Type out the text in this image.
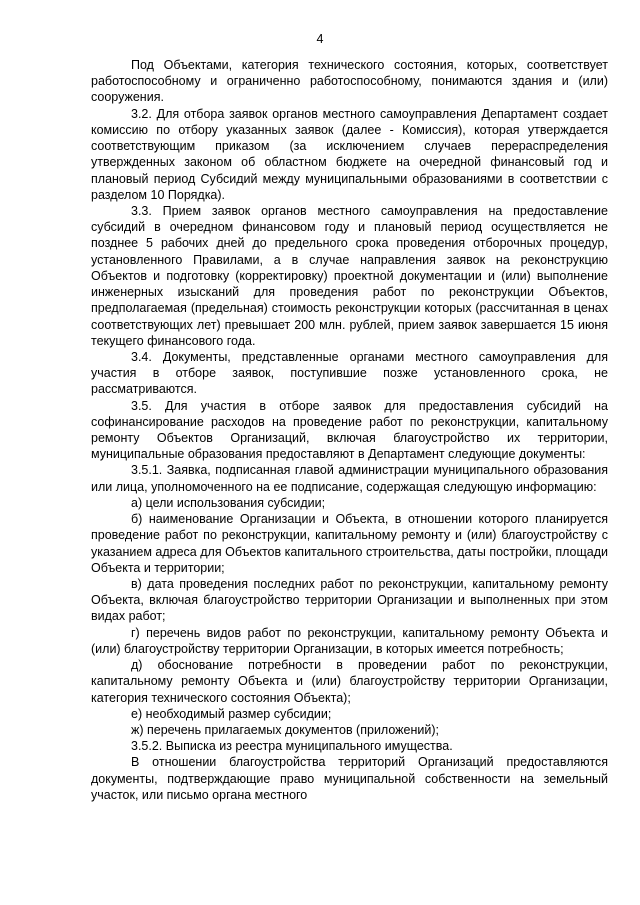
4

Под Объектами, категория технического состояния, которых, соответствует работоспособному и ограниченно работоспособному, понимаются здания и (или) сооружения.

3.2. Для отбора заявок органов местного самоуправления Департамент создает комиссию по отбору указанных заявок (далее - Комиссия), которая утверждается соответствующим приказом (за исключением случаев перераспределения утвержденных законом об областном бюджете на очередной финансовый год и плановый период Субсидий между муниципальными образованиями в соответствии с разделом 10 Порядка).

3.3. Прием заявок органов местного самоуправления на предоставление субсидий в очередном финансовом году и плановый период осуществляется не позднее 5 рабочих дней до предельного срока проведения отборочных процедур, установленного Правилами, а в случае направления заявок на реконструкцию Объектов и подготовку (корректировку) проектной документации и (или) выполнение инженерных изысканий для проведения работ по реконструкции Объектов, предполагаемая (предельная) стоимость реконструкции которых (рассчитанная в ценах соответствующих лет) превышает 200 млн. рублей, прием заявок завершается 15 июня текущего финансового года.

3.4. Документы, представленные органами местного самоуправления для участия в отборе заявок, поступившие позже установленного срока, не рассматриваются.

3.5. Для участия в отборе заявок для предоставления субсидий на софинансирование расходов на проведение работ по реконструкции, капитальному ремонту Объектов Организаций, включая благоустройство их территории, муниципальные образования предоставляют в Департамент следующие документы:

3.5.1. Заявка, подписанная главой администрации муниципального образования или лица, уполномоченного на ее подписание, содержащая следующую информацию:

а) цели использования субсидии;

б) наименование Организации и Объекта, в отношении которого планируется проведение работ по реконструкции, капитальному ремонту и (или) благоустройству с указанием адреса для Объектов капитального строительства, даты постройки, площади Объекта и территории;

в) дата проведения последних работ по реконструкции, капитальному ремонту Объекта, включая благоустройство территории Организации и выполненных при этом видах работ;

г) перечень видов работ по реконструкции, капитальному ремонту Объекта и (или) благоустройству территории Организации, в которых имеется потребность;

д) обоснование потребности в проведении работ по реконструкции, капитальному ремонту Объекта и (или) благоустройству территории Организации, категория технического состояния Объекта);

е) необходимый размер субсидии;

ж) перечень прилагаемых документов (приложений);

3.5.2. Выписка из реестра муниципального имущества.

В отношении благоустройства территорий Организаций предоставляются документы, подтверждающие право муниципальной собственности на земельный участок, или письмо органа местного
